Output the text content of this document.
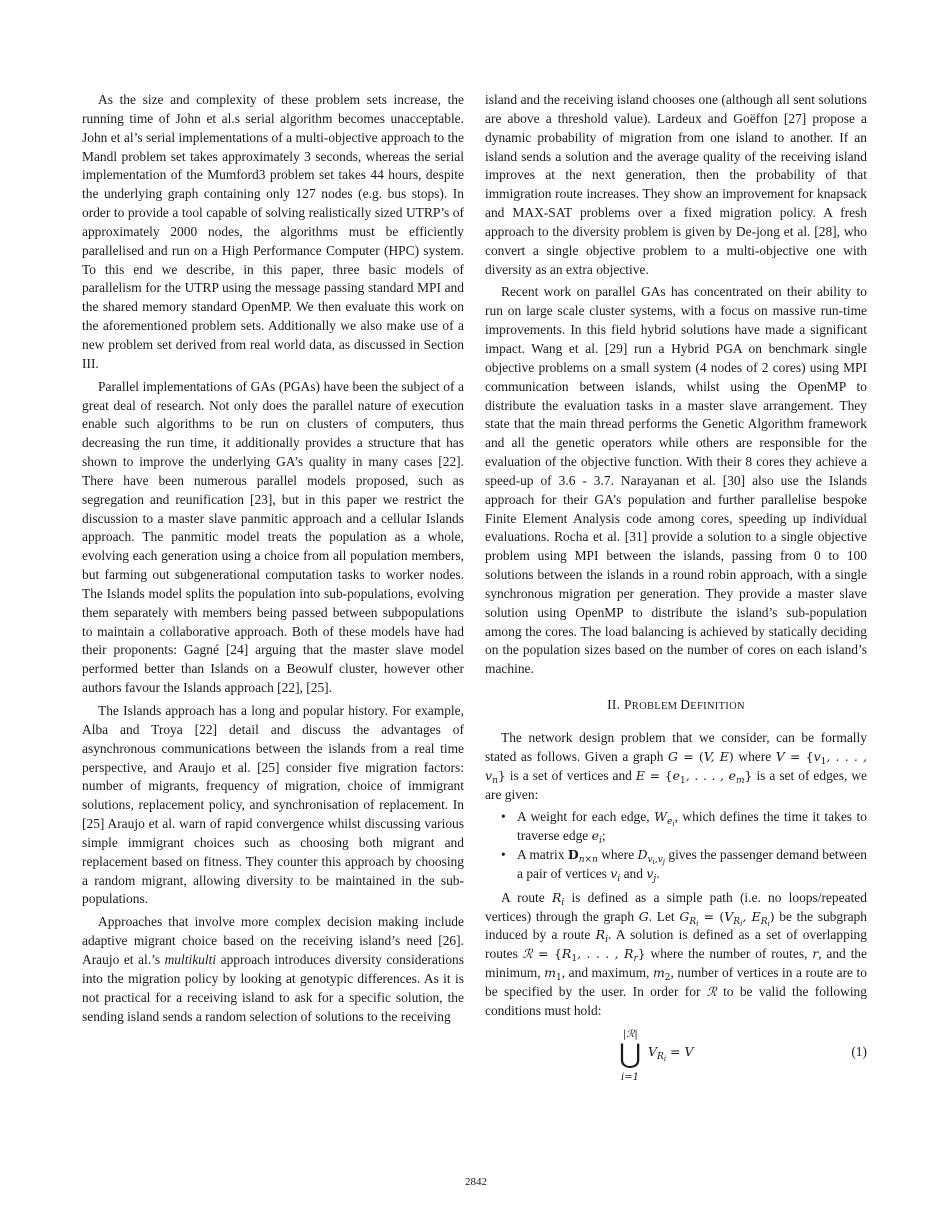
As the size and complexity of these problem sets increase, the running time of John et al.s serial algorithm becomes unacceptable. John et al’s serial implementations of a multi-objective approach to the Mandl problem set takes approximately 3 seconds, whereas the serial implementation of the Mumford3 problem set takes 44 hours, despite the underlying graph containing only 127 nodes (e.g. bus stops). In order to provide a tool capable of solving realistically sized UTRP’s of approximately 2000 nodes, the algorithms must be efficiently parallelised and run on a High Performance Computer (HPC) system. To this end we describe, in this paper, three basic models of parallelism for the UTRP using the message passing standard MPI and the shared memory standard OpenMP. We then evaluate this work on the aforementioned problem sets. Additionally we also make use of a new problem set derived from real world data, as discussed in Section III.

Parallel implementations of GAs (PGAs) have been the subject of a great deal of research. Not only does the parallel nature of execution enable such algorithms to be run on clusters of computers, thus decreasing the run time, it additionally provides a structure that has shown to improve the underlying GA’s quality in many cases [22]. There have been numerous parallel models proposed, such as segregation and reunification [23], but in this paper we restrict the discussion to a master slave panmitic approach and a cellular Islands approach. The panmitic model treats the population as a whole, evolving each generation using a choice from all population members, but farming out subgenerational computation tasks to worker nodes. The Islands model splits the population into sub-populations, evolving them separately with members being passed between subpopulations to maintain a collaborative approach. Both of these models have had their proponents: Gagné [24] arguing that the master slave model performed better than Islands on a Beowulf cluster, however other authors favour the Islands approach [22], [25].

The Islands approach has a long and popular history. For example, Alba and Troya [22] detail and discuss the advantages of asynchronous communications between the islands from a real time perspective, and Araujo et al. [25] consider five migration factors: number of migrants, frequency of migration, choice of immigrant solutions, replacement policy, and synchronisation of replacement. In [25] Araujo et al. warn of rapid convergence whilst discussing various simple immigrant choices such as choosing both migrant and replacement based on fitness. They counter this approach by choosing a random migrant, allowing diversity to be maintained in the sub-populations.

Approaches that involve more complex decision making include adaptive migrant choice based on the receiving island’s need [26]. Araujo et al.’s multikulti approach introduces diversity considerations into the migration policy by looking at genotypic differences. As it is not practical for a receiving island to ask for a specific solution, the sending island sends a random selection of solutions to the receiving

island and the receiving island chooses one (although all sent solutions are above a threshold value). Lardeux and Goëffon [27] propose a dynamic probability of migration from one island to another. If an island sends a solution and the average quality of the receiving island improves at the next generation, then the probability of that immigration route increases. They show an improvement for knapsack and MAX-SAT problems over a fixed migration policy. A fresh approach to the diversity problem is given by De-jong et al. [28], who convert a single objective problem to a multi-objective one with diversity as an extra objective.

Recent work on parallel GAs has concentrated on their ability to run on large scale cluster systems, with a focus on massive run-time improvements. In this field hybrid solutions have made a significant impact. Wang et al. [29] run a Hybrid PGA on benchmark single objective problems on a small system (4 nodes of 2 cores) using MPI communication between islands, whilst using the OpenMP to distribute the evaluation tasks in a master slave arrangement. They state that the main thread performs the Genetic Algorithm framework and all the genetic operators while others are responsible for the evaluation of the objective function. With their 8 cores they achieve a speed-up of 3.6 - 3.7. Narayanan et al. [30] also use the Islands approach for their GA’s population and further parallelise bespoke Finite Element Analysis code among cores, speeding up individual evaluations. Rocha et al. [31] provide a solution to a single objective problem using MPI between the islands, passing from 0 to 100 solutions between the islands in a round robin approach, with a single synchronous migration per generation. They provide a master slave solution using OpenMP to distribute the island’s sub-population among the cores. The load balancing is achieved by statically deciding on the population sizes based on the number of cores on each island’s machine.

II. PROBLEM DEFINITION

The network design problem that we consider, can be formally stated as follows. Given a graph G = (V, E) where $V = \{v_1$, . . . , $v_n$} is a set of vertices and $E = \{e_1$, . . . , $e_m$} is a set of edges, we are given:

• A weight for each edge, $W_{e_i}$, which defines the time it takes to traverse edge $e_i$;
• A matrix $D_{n\times n}$ where $D_{v_i,v_j}$ gives the passenger demand between a pair of vertices $v_i$ and $v_j$.

A route $R_i$ is defined as a simple path (i.e. no loops/repeated vertices) through the graph G. Let $G_{R_i} = (V_{R_i}$, $E_{R_i}$) be the subgraph induced by a route $R_i$. A solution is defined as a set of overlapping routes ℛ = {$R_1$, . . . , $R_r$} where the number of routes, r, and the minimum, $m_1$, and maximum, $m_2$, number of vertices in a route are to be specified by the user. In order for ℛ to be valid the following conditions must hold:

|ℛ|
⋃
i=1
$V_{R_i} = V$	(1)
2842
